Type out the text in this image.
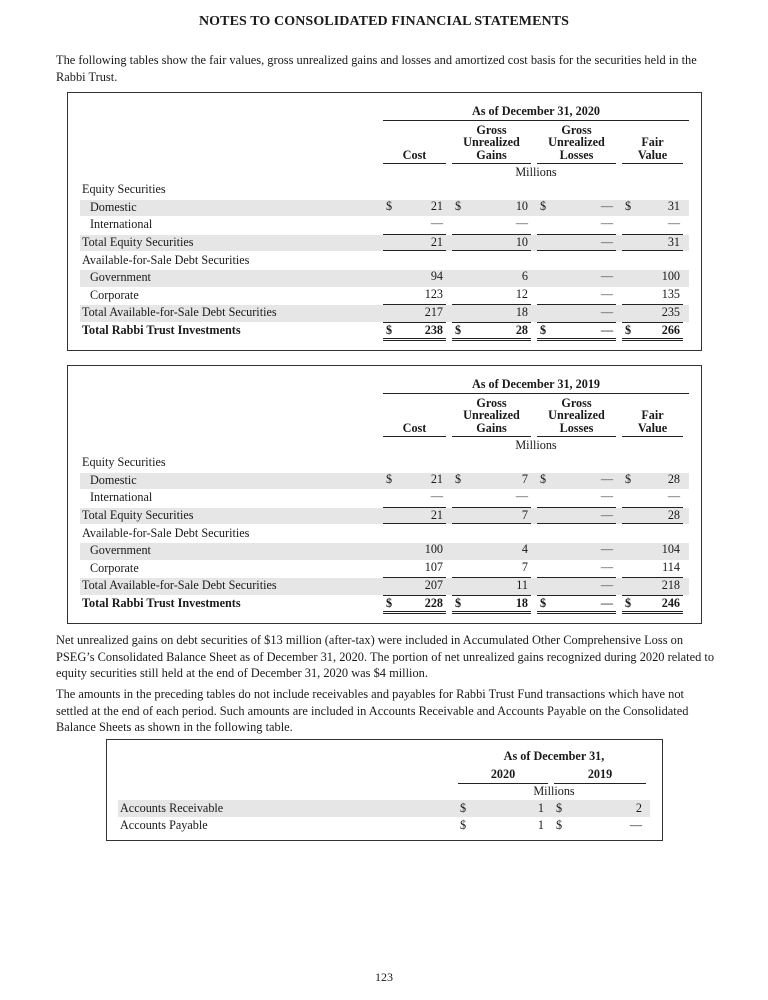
NOTES TO CONSOLIDATED FINANCIAL STATEMENTS
The following tables show the fair values, gross unrealized gains and losses and amortized cost basis for the securities held in the Rabbi Trust.
As of December 31, 2020
Cost
Gross
Unrealized
Gains
Gross
Unrealized
Losses
Fair
Value
Millions
Equity Securities
Domestic	$	21 $	10 $	— $	31
International	—	—	—	—
Total Equity Securities	21	10	—	31
Available-for-Sale Debt Securities
Government	94	6	—	100
Corporate	123	12	—	135
Total Available-for-Sale Debt Securities	217	18	—	235
Total Rabbi Trust Investments	$	238 $	28 $	— $	266
As of December 31, 2019
Cost
Gross
Unrealized
Gains
Gross
Unrealized
Losses
Fair
Value
Millions
Equity Securities
Domestic	$	21 $	7 $	— $	28
International	—	—	—	—
Total Equity Securities	21	7	—	28
Available-for-Sale Debt Securities
Government	100	4	—	104
Corporate	107	7	—	114
Total Available-for-Sale Debt Securities	207	11	—	218
Total Rabbi Trust Investments	$	228 $	18 $	— $	246
Net unrealized gains on debt securities of $13 million (after-tax) were included in Accumulated Other Comprehensive Loss on PSEG’s Consolidated Balance Sheet as of December 31, 2020. The portion of net unrealized gains recognized during 2020 related to equity securities still held at the end of December 31, 2020 was $4 million.
The amounts in the preceding tables do not include receivables and payables for Rabbi Trust Fund transactions which have not settled at the end of each period. Such amounts are included in Accounts Receivable and Accounts Payable on the Consolidated Balance Sheets as shown in the following table.
As of December 31,
2020	2019
Millions
Accounts Receivable	$	1 $	2
Accounts Payable	$	1 $	—
123
